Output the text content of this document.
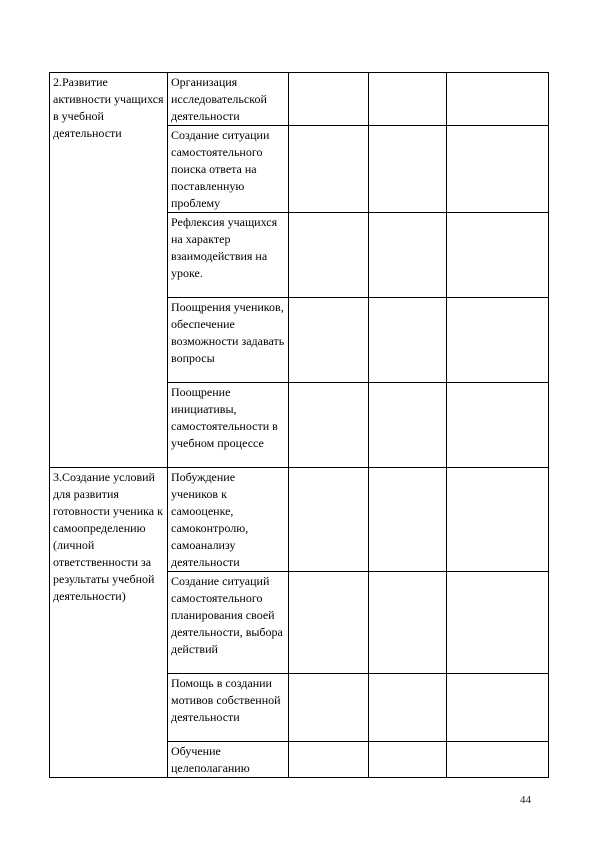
2.Развитие активности учащихся в учебной деятельности	Организация исследовательской деятельности			
	Создание ситуации самостоятельного поиска ответа на поставленную проблему			
	Рефлексия учащихся на характер взаимодействия на уроке.			
	Поощрения учеников, обеспечение возможности задавать вопросы			
	Поощрение инициативы, самостоятельности в учебном процессе			
3.Создание условий для развития готовности ученика к самоопределению (личной ответственности за результаты учебной деятельности)	Побуждение учеников к самооценке, самоконтролю, самоанализу деятельности			
	Создание ситуаций самостоятельного планирования своей деятельности, выбора действий			
	Помощь в создании мотивов собственной деятельности			
	Обучение целеполаганию			
44
